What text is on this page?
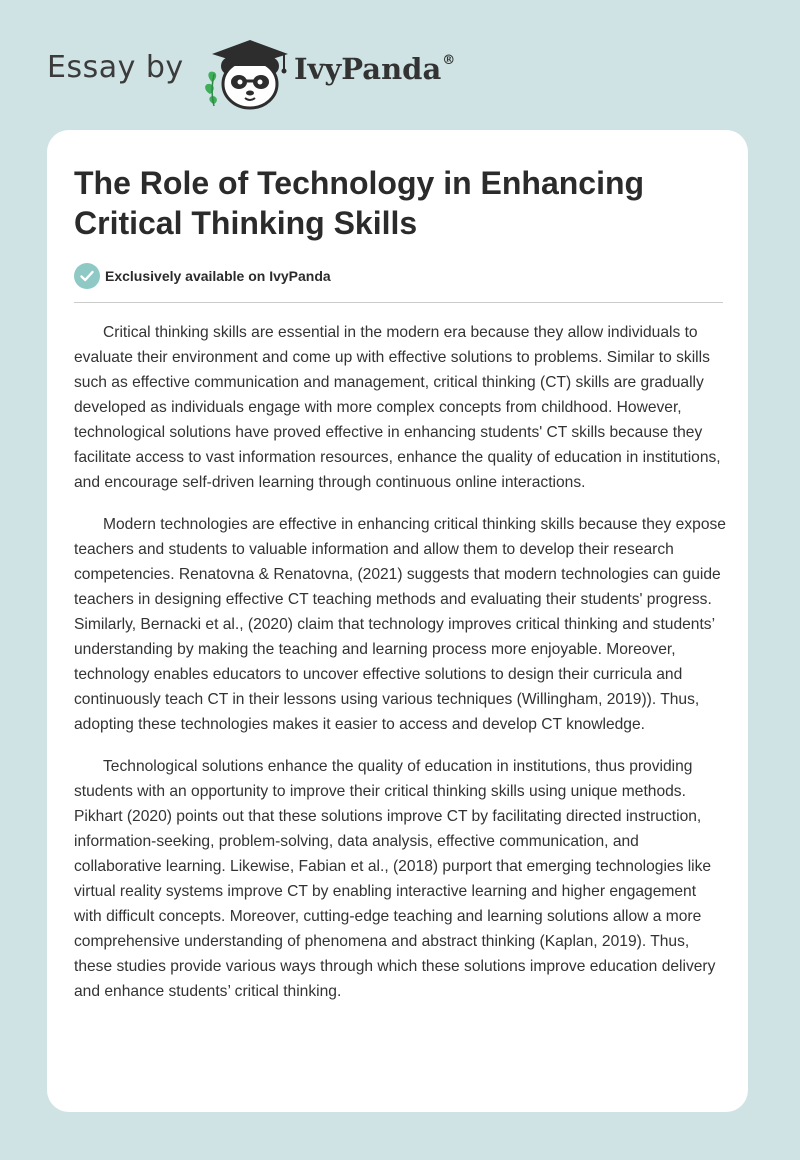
Essay by	IvyPanda®
The Role of Technology in Enhancing Critical Thinking Skills
Exclusively available on IvyPanda

Critical thinking skills are essential in the modern era because they allow individuals to evaluate their environment and come up with effective solutions to problems. Similar to skills such as effective communication and management, critical thinking (CT) skills are gradually developed as individuals engage with more complex concepts from childhood. However, technological solutions have proved effective in enhancing students' CT skills because they facilitate access to vast information resources, enhance the quality of education in institutions, and encourage self-driven learning through continuous online interactions.

Modern technologies are effective in enhancing critical thinking skills because they expose teachers and students to valuable information and allow them to develop their research competencies. Renatovna & Renatovna, (2021) suggests that modern technologies can guide teachers in designing effective CT teaching methods and evaluating their students' progress. Similarly, Bernacki et al., (2020) claim that technology improves critical thinking and students’ understanding by making the teaching and learning process more enjoyable. Moreover, technology enables educators to uncover effective solutions to design their curricula and continuously teach CT in their lessons using various techniques (Willingham, 2019)). Thus, adopting these technologies makes it easier to access and develop CT knowledge.

Technological solutions enhance the quality of education in institutions, thus providing students with an opportunity to improve their critical thinking skills using unique methods. Pikhart (2020) points out that these solutions improve CT by facilitating directed instruction, information-seeking, problem-solving, data analysis, effective communication, and collaborative learning. Likewise, Fabian et al., (2018) purport that emerging technologies like virtual reality systems improve CT by enabling interactive learning and higher engagement with difficult concepts. Moreover, cutting-edge teaching and learning solutions allow a more comprehensive understanding of phenomena and abstract thinking (Kaplan, 2019). Thus, these studies provide various ways through which these solutions improve education delivery and enhance students’ critical thinking.
